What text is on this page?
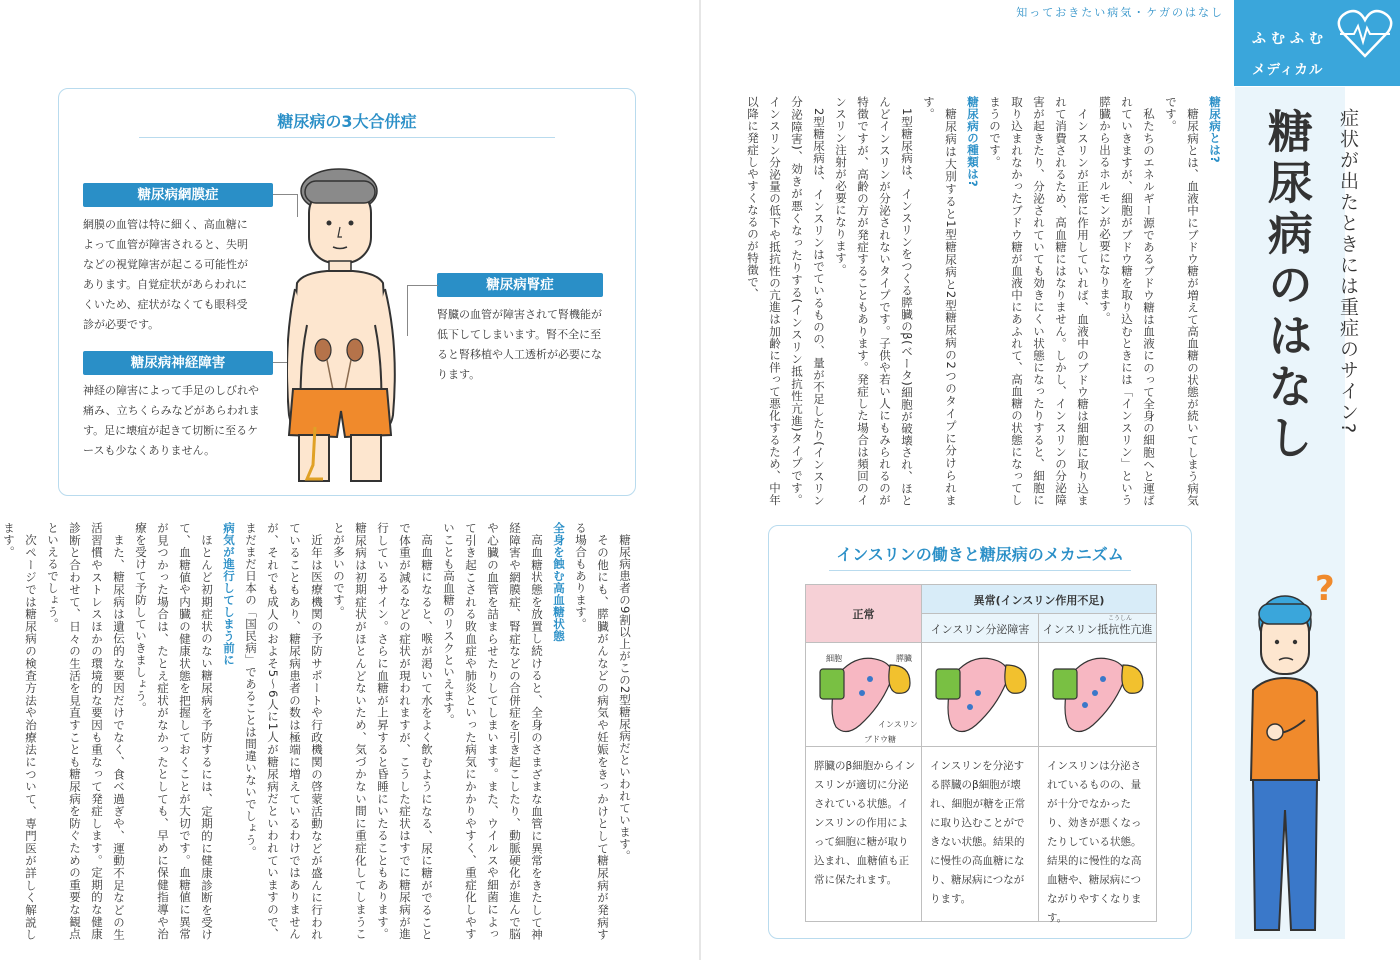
糖尿病の3大合併症
糖尿病網膜症
網膜の血管は特に細く、高血糖によって血管が障害されると、失明などの視覚障害が起こる可能性があります。自覚症状があらわれにくいため、症状がなくても眼科受診が必要です。
糖尿病神経障害
神経の障害によって手足のしびれや痛み、立ちくらみなどがあらわれます。足に壊疽が起きて切断に至るケースも少なくありません。
糖尿病腎症
腎臓の血管が障害されて腎機能が低下してしまいます。腎不全に至ると腎移植や人工透析が必要になります。

糖尿病患者の9割以上がこの2型糖尿病だといわれています。

その他にも、膵臓がんなどの病気や妊娠をきっかけとして糖尿病が発病する場合もあります。

全身を蝕む高血糖状態

高血糖状態を放置し続けると、全身のさまざまな血管に異常をきたして神経障害や網膜症、腎症などの合併症を引き起こしたり、動脈硬化が進んで脳や心臓の血管を詰まらせたりしてしまいます。また、ウイルスや細菌によって引き起こされる敗血症や肺炎といった病気にかかりやすく、重症化しやすいことも高血糖のリスクといえます。

高血糖になると、喉が渇いて水をよく飲むようになる、尿に糖がでることで体重が減るなどの症状が現われますが、こうした症状はすでに糖尿病が進行しているサイン。さらに血糖が上昇すると昏睡にいたることもあります。糖尿病は初期症状がほとんどないため、気づかない間に重症化してしまうことが多いのです。

近年は医療機関の予防サポートや行政機関の啓蒙活動などが盛んに行われていることもあり、糖尿病患者の数は極端に増えているわけではありませんが、それでも成人のおよそ5〜6人に1人が糖尿病だといわれていますので、まだまだ日本の「国民病」であることは間違いないでしょう。

病気が進行してしまう前に

ほとんど初期症状のない糖尿病を予防するには、定期的に健康診断を受けて、血糖値や内臓の健康状態を把握しておくことが大切です。血糖値に異常が見つかった場合は、たとえ症状がなかったとしても、早めに保健指導や治療を受けて予防していきましょう。

また、糖尿病は遺伝的な要因だけでなく、食べ過ぎや、運動不足などの生活習慣やストレスほかの環境的な要因も重なって発症します。定期的な健康診断と合わせて、日々の生活を見直すことも糖尿病を防ぐための重要な観点といえるでしょう。

次ページでは糖尿病の検査方法や治療法について、専門医が詳しく解説します。

知っておきたい病気・ケガのはなし
ふむふむ
メディカル
糖尿病のはなし	症状が出たときには重症のサイン?
?

糖尿病とは?

糖尿病とは、血液中にブドウ糖が増えて高血糖の状態が続いてしまう病気です。

私たちのエネルギー源であるブドウ糖は血液にのって全身の細胞へと運ばれていきますが、細胞がブドウ糖を取り込むときには「インスリン」という膵臓から出るホルモンが必要になります。

インスリンが正常に作用していれば、血液中のブドウ糖は細胞に取り込まれて消費されるため、高血糖にはなりません。しかし、インスリンの分泌障害が起きたり、分泌されていても効きにくい状態になったりすると、細胞に取り込まれなかったブドウ糖が血液中にあふれて、高血糖の状態になってしまうのです。

糖尿病の種類は?

糖尿病は大別すると1型糖尿病と2型糖尿病の2つのタイプに分けられます。

1型糖尿病は、インスリンをつくる膵臓のβ(ベータ)細胞が破壊され、ほとんどインスリンが分泌されないタイプです。子供や若い人にもみられるのが特徴ですが、高齢の方が発症することもあります。発症した場合は頻回のインスリン注射が必要になります。

2型糖尿病は、インスリンはでているものの、量が不足したり(インスリン分泌障害)、効きが悪くなったりする(インスリン抵抗性亢進)タイプです。インスリン分泌量の低下や抵抗性の亢進は加齢に伴って悪化するため、中年以降に発症しやすくなるのが特徴で、

インスリンの働きと糖尿病のメカニズム
正常
異常(インスリン作用不足)
インスリン分泌障害
こうしん
インスリン抵抗性亢進
細胞	膵臓
インスリン
ブドウ糖
膵臓のβ細胞からインスリンが適切に分泌されている状態。インスリンの作用によって細胞に糖が取り込まれ、血糖値も正常に保たれます。
インスリンを分泌する膵臓のβ細胞が壊れ、細胞が糖を正常に取り込むことができない状態。結果的に慢性の高血糖になり、糖尿病につながります。
インスリンは分泌されているものの、量が十分でなかったり、効きが悪くなったりしている状態。結果的に慢性的な高血糖や、糖尿病につながりやすくなります。
